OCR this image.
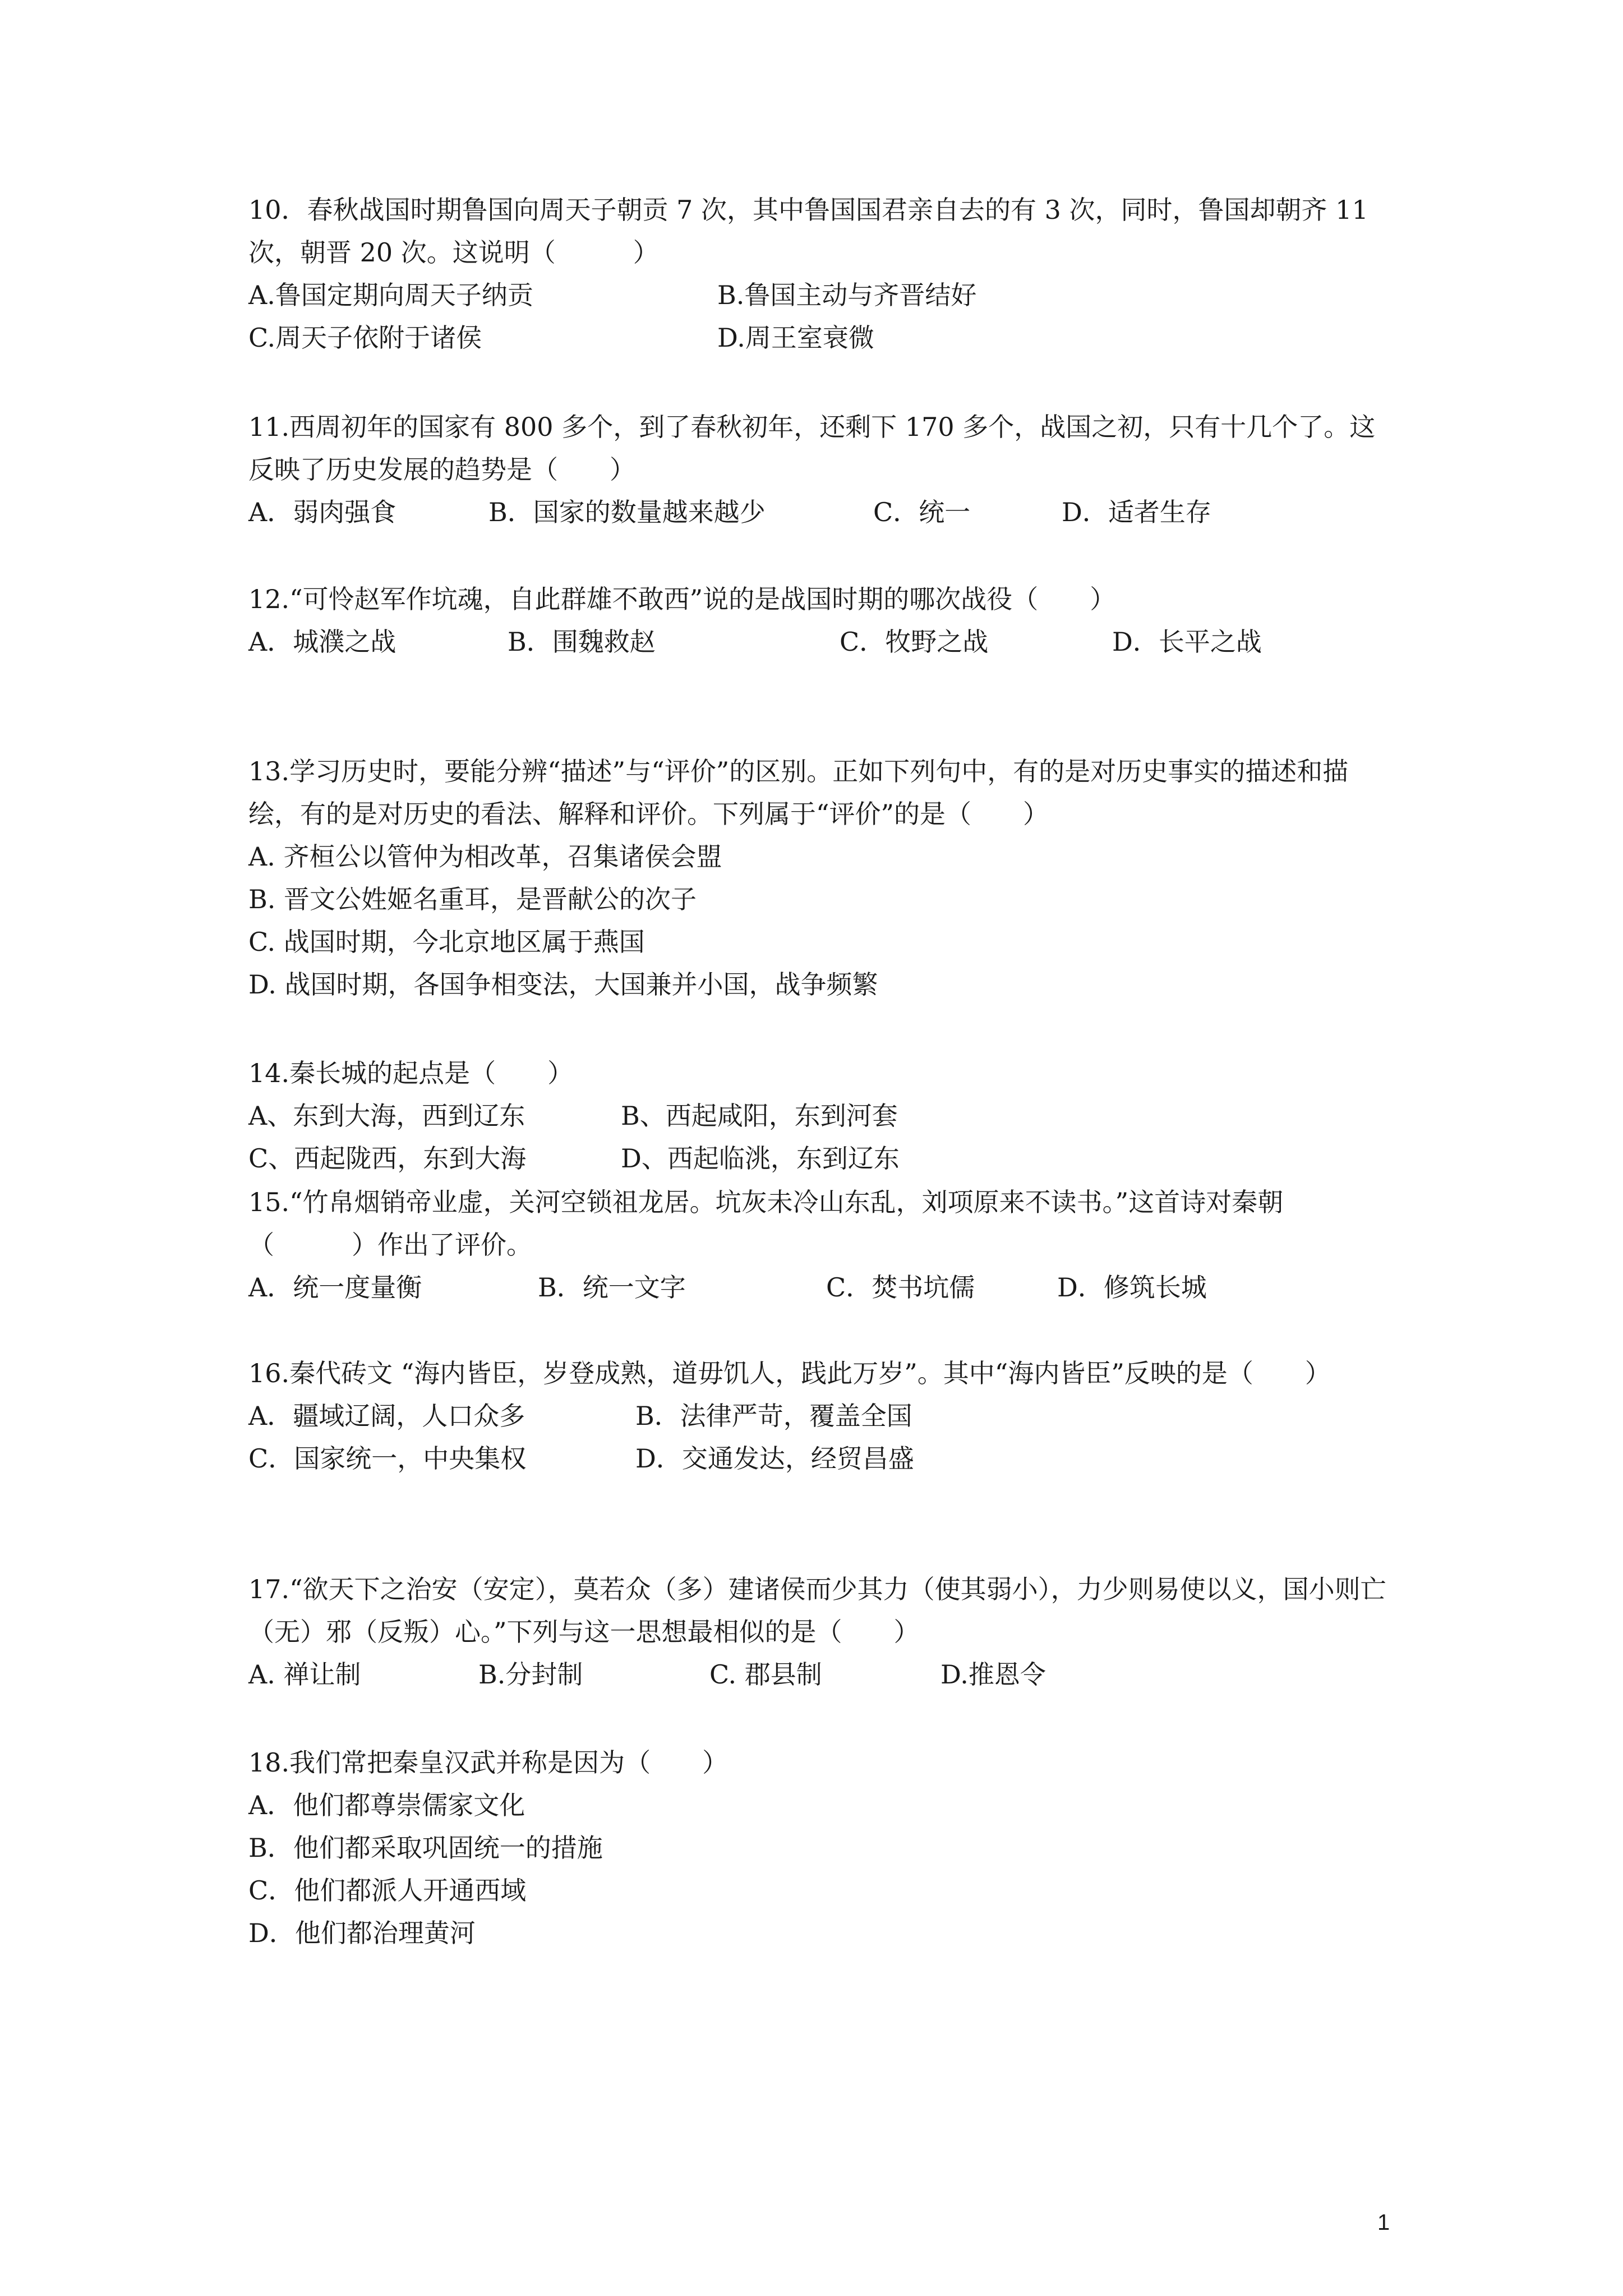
10．春秋战国时期鲁国向周天子朝贡 7 次，其中鲁国国君亲自去的有 3 次，同时，鲁国却朝齐 11 次，朝晋 20 次。这说明（　　　）
A.鲁国定期向周天子纳贡	B.鲁国主动与齐晋结好
C.周天子依附于诸侯	D.周王室衰微
11.西周初年的国家有 800 多个，到了春秋初年，还剩下 170 多个，战国之初，只有十几个了。这反映了历史发展的趋势是（　　）
A．弱肉强食	B．国家的数量越来越少	C．统一	D．适者生存
12.“可怜赵军作坑魂，自此群雄不敢西”说的是战国时期的哪次战役（　　）
A．城濮之战	B．围魏救赵	C．牧野之战	D．长平之战
13.学习历史时，要能分辨“描述”与“评价”的区别。正如下列句中，有的是对历史事实的描述和描绘，有的是对历史的看法、解释和评价。下列属于“评价”的是（　　）
A. 齐桓公以管仲为相改革，召集诸侯会盟
B. 晋文公姓姬名重耳，是晋献公的次子
C. 战国时期，今北京地区属于燕国
D. 战国时期，各国争相变法，大国兼并小国，战争频繁
14.秦长城的起点是（　　）
A、东到大海，西到辽东	B、西起咸阳，东到河套
C、西起陇西，东到大海	D、西起临洮，东到辽东
15.“竹帛烟销帝业虚，关河空锁祖龙居。坑灰未冷山东乱，刘项原来不读书。”这首诗对秦朝（　　　）作出了评价。
A．统一度量衡	B．统一文字	C．焚书坑儒	D．修筑长城
16.秦代砖文 “海内皆臣，岁登成熟，道毋饥人，践此万岁”。其中“海内皆臣”反映的是（　　）
A．疆域辽阔，人口众多	B．法律严苛，覆盖全国
C．国家统一，中央集权	D．交通发达，经贸昌盛
17.“欲天下之治安（安定），莫若众（多）建诸侯而少其力（使其弱小），力少则易使以义，国小则亡（无）邪（反叛）心。”下列与这一思想最相似的是（　　）
A. 禅让制	B.分封制	C. 郡县制	D.推恩令
18.我们常把秦皇汉武并称是因为（　　）
A．他们都尊崇儒家文化
B．他们都采取巩固统一的措施
C．他们都派人开通西域
D．他们都治理黄河
1
